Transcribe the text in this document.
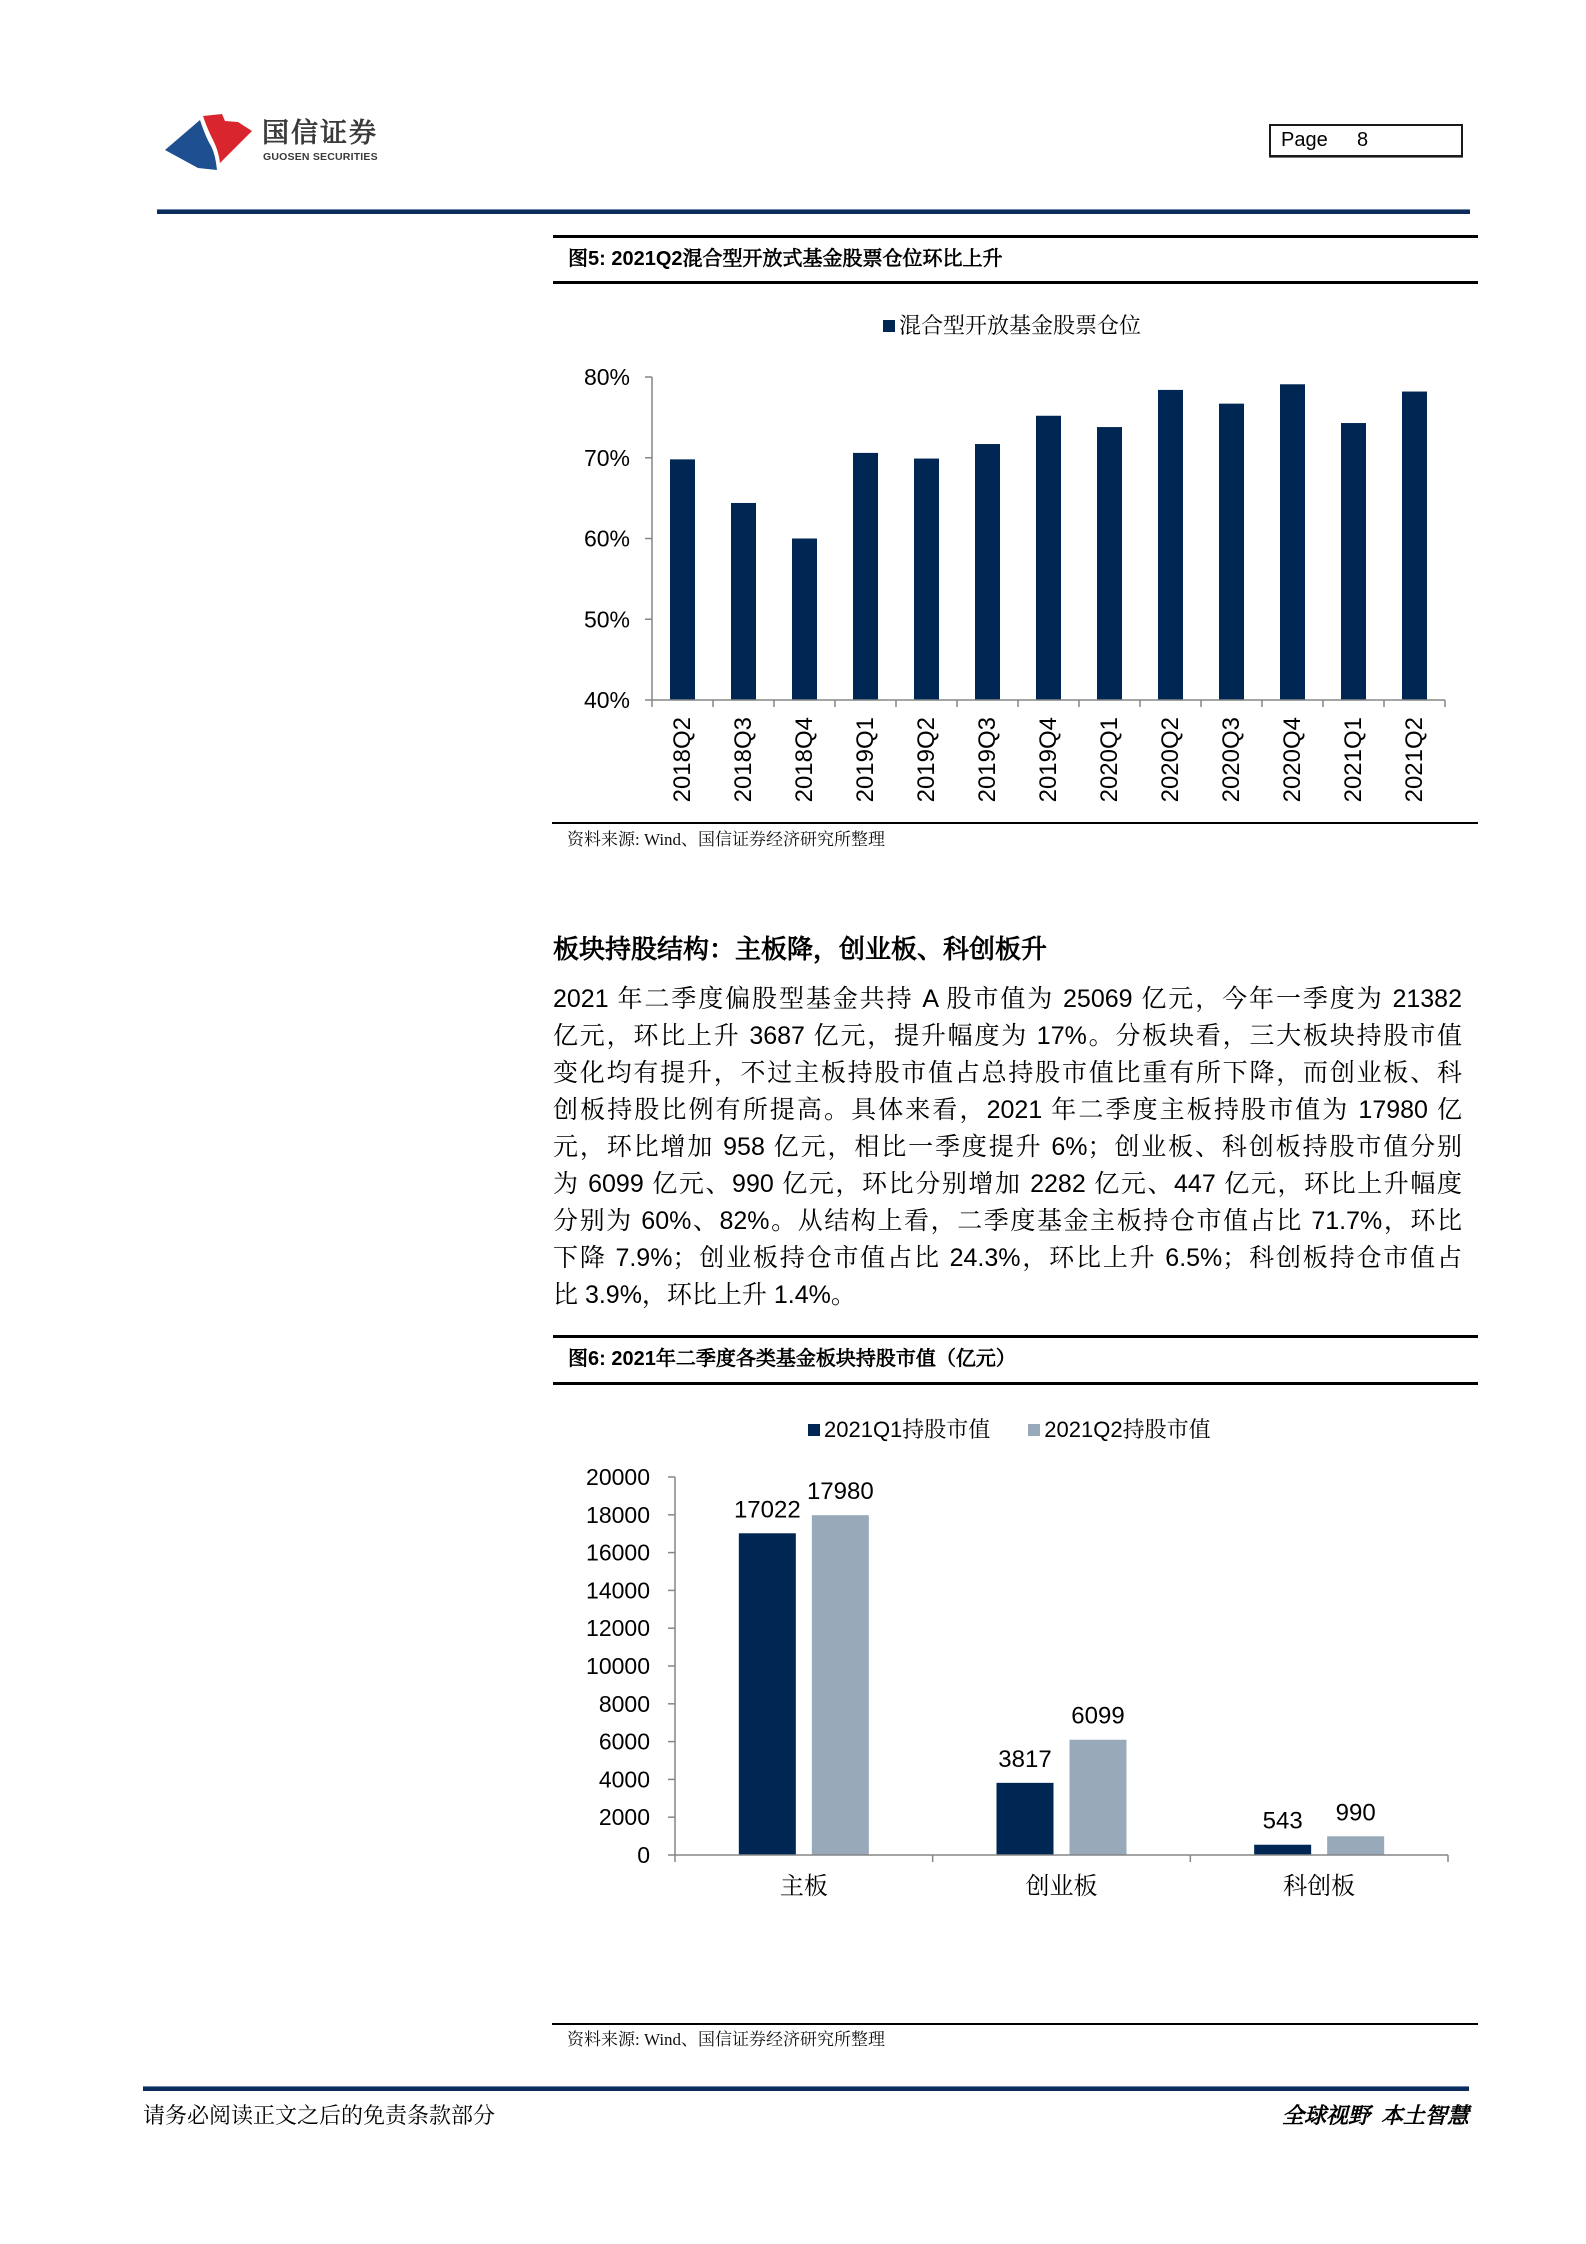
国信证券
GUOSEN SECURITIES
Page 8
图5: 2021Q2混合型开放式基金股票仓位环比上升
混合型开放基金股票仓位
40%
50%
60%
70%
80%
2018Q2 2018Q3 2018Q4 2019Q1 2019Q2 2019Q3 2019Q4 2020Q1 2020Q2 2020Q3 2020Q4 2021Q1 2021Q2
资料来源: Wind、国信证券经济研究所整理
板块持股结构：主板降，创业板、科创板升
2021 年二季度偏股型基金共持 A 股市值为 25069 亿元，今年一季度为 21382
亿元，环比上升 3687 亿元，提升幅度为 17%。分板块看，三大板块持股市值
变化均有提升，不过主板持股市值占总持股市值比重有所下降，而创业板、科
创板持股比例有所提高。具体来看，2021 年二季度主板持股市值为 17980 亿
元，环比增加 958 亿元，相比一季度提升 6%；创业板、科创板持股市值分别
为 6099 亿元、990 亿元，环比分别增加 2282 亿元、447 亿元，环比上升幅度
分别为 60%、82%。从结构上看，二季度基金主板持仓市值占比 71.7%，环比
下降 7.9%；创业板持仓市值占比 24.3%，环比上升 6.5%；科创板持仓市值占
比 3.9%，环比上升 1.4%。
图6: 2021年二季度各类基金板块持股市值（亿元）
2021Q1持股市值 2021Q2持股市值
17022
17980
主板
3817
6099
创业板
543 990
科创板
0
2000
4000
6000
8000
10000
12000
14000
16000
18000
20000
资料来源: Wind、国信证券经济研究所整理
请务必阅读正文之后的免责条款部分	全球视野  本土智慧
